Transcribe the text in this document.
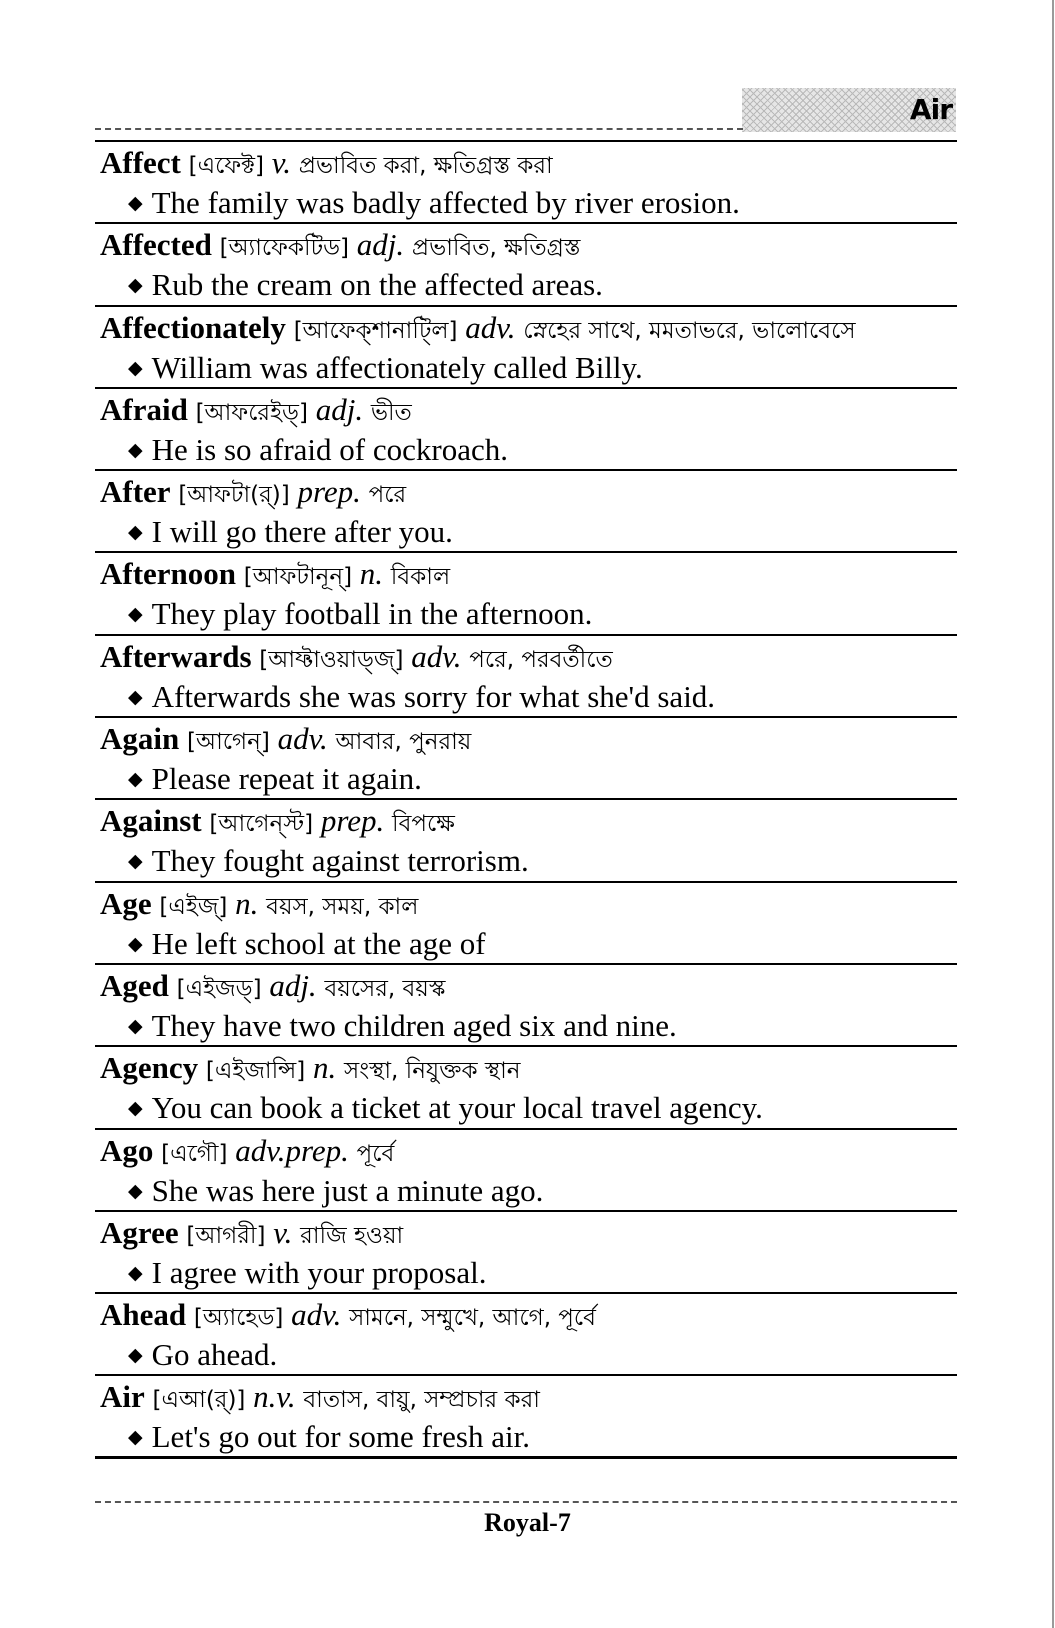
Air
Affect [এফেক্ট] v. প্রভাবিত করা, ক্ষতিগ্রস্ত করা
◆ The family was badly affected by river erosion.
Affected [অ্যাফেকটিড] adj. প্রভাবিত, ক্ষতিগ্রস্ত
◆ Rub the cream on the affected areas.
Affectionately [আফেক্শানাট্লি] adv. স্নেহের সাথে, মমতাভরে, ভালোবেসে
◆ William was affectionately called Billy.
Afraid [আফরেইড্] adj. ভীত
◆ He is so afraid of cockroach.
After [আফটা(র্)] prep. পরে
◆ I will go there after you.
Afternoon [আফটানূন্] n. বিকাল
◆ They play football in the afternoon.
Afterwards [আফ্টাওয়াড্জ্] adv. পরে, পরবর্তীতে
◆ Afterwards she was sorry for what she'd said.
Again [আগেন্] adv. আবার, পুনরায়
◆ Please repeat it again.
Against [আগেন্স্ট] prep. বিপক্ষে
◆ They fought against terrorism.
Age [এইজ্] n. বয়স, সময়, কাল
◆ He left school at the age of
Aged [এইজড্] adj. বয়সের, বয়স্ক
◆ They have two children aged six and nine.
Agency [এইজান্সি] n. সংস্থা, নিযুক্তক স্থান
◆ You can book a ticket at your local travel agency.
Ago [এগৌ] adv.prep. পূর্বে
◆ She was here just a minute ago.
Agree [আগরী] v. রাজি হওয়া
◆ I agree with your proposal.
Ahead [অ্যাহেড] adv. সামনে, সম্মুখে, আগে, পূর্বে
◆ Go ahead.
Air [এআ(র্)] n.v. বাতাস, বায়ু, সম্প্রচার করা
◆ Let's go out for some fresh air.
Royal-7
